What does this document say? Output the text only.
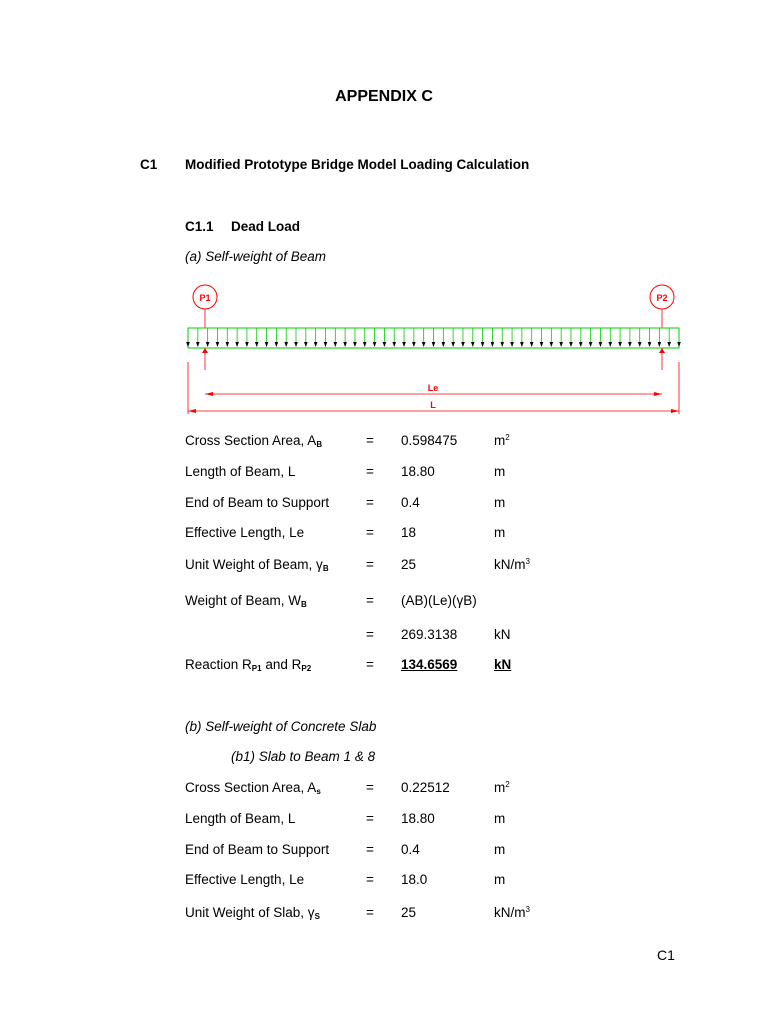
APPENDIX C
C1 Modified Prototype Bridge Model Loading Calculation
C1.1 Dead Load
(a) Self-weight of Beam
P1	P2
Le
L
Cross Section Area, $A_B$	= 0.598475	$m^2$
Length of Beam, L	= 18.80	m
End of Beam to Support	= 0.4	m
Effective Length, Le	= 18	m
Unit Weight of Beam, $\gamma_B$	= 25	$kN/m^3$
Weight of Beam, $W_B$	= (AB)(Le)(γB)
= 269.3138	kN
Reaction $R_{P1}$ and $R_{P2}$	= 134.6569	kN
(b) Self-weight of Concrete Slab
(b1) Slab to Beam 1 & 8
Cross Section Area, $A_s$	= 0.22512	$m^2$
Length of Beam, L	= 18.80	m
End of Beam to Support	= 0.4	m
Effective Length, Le	= 18.0	m
Unit Weight of Slab, $\gamma_S$	= 25	$kN/m^3$
C1
